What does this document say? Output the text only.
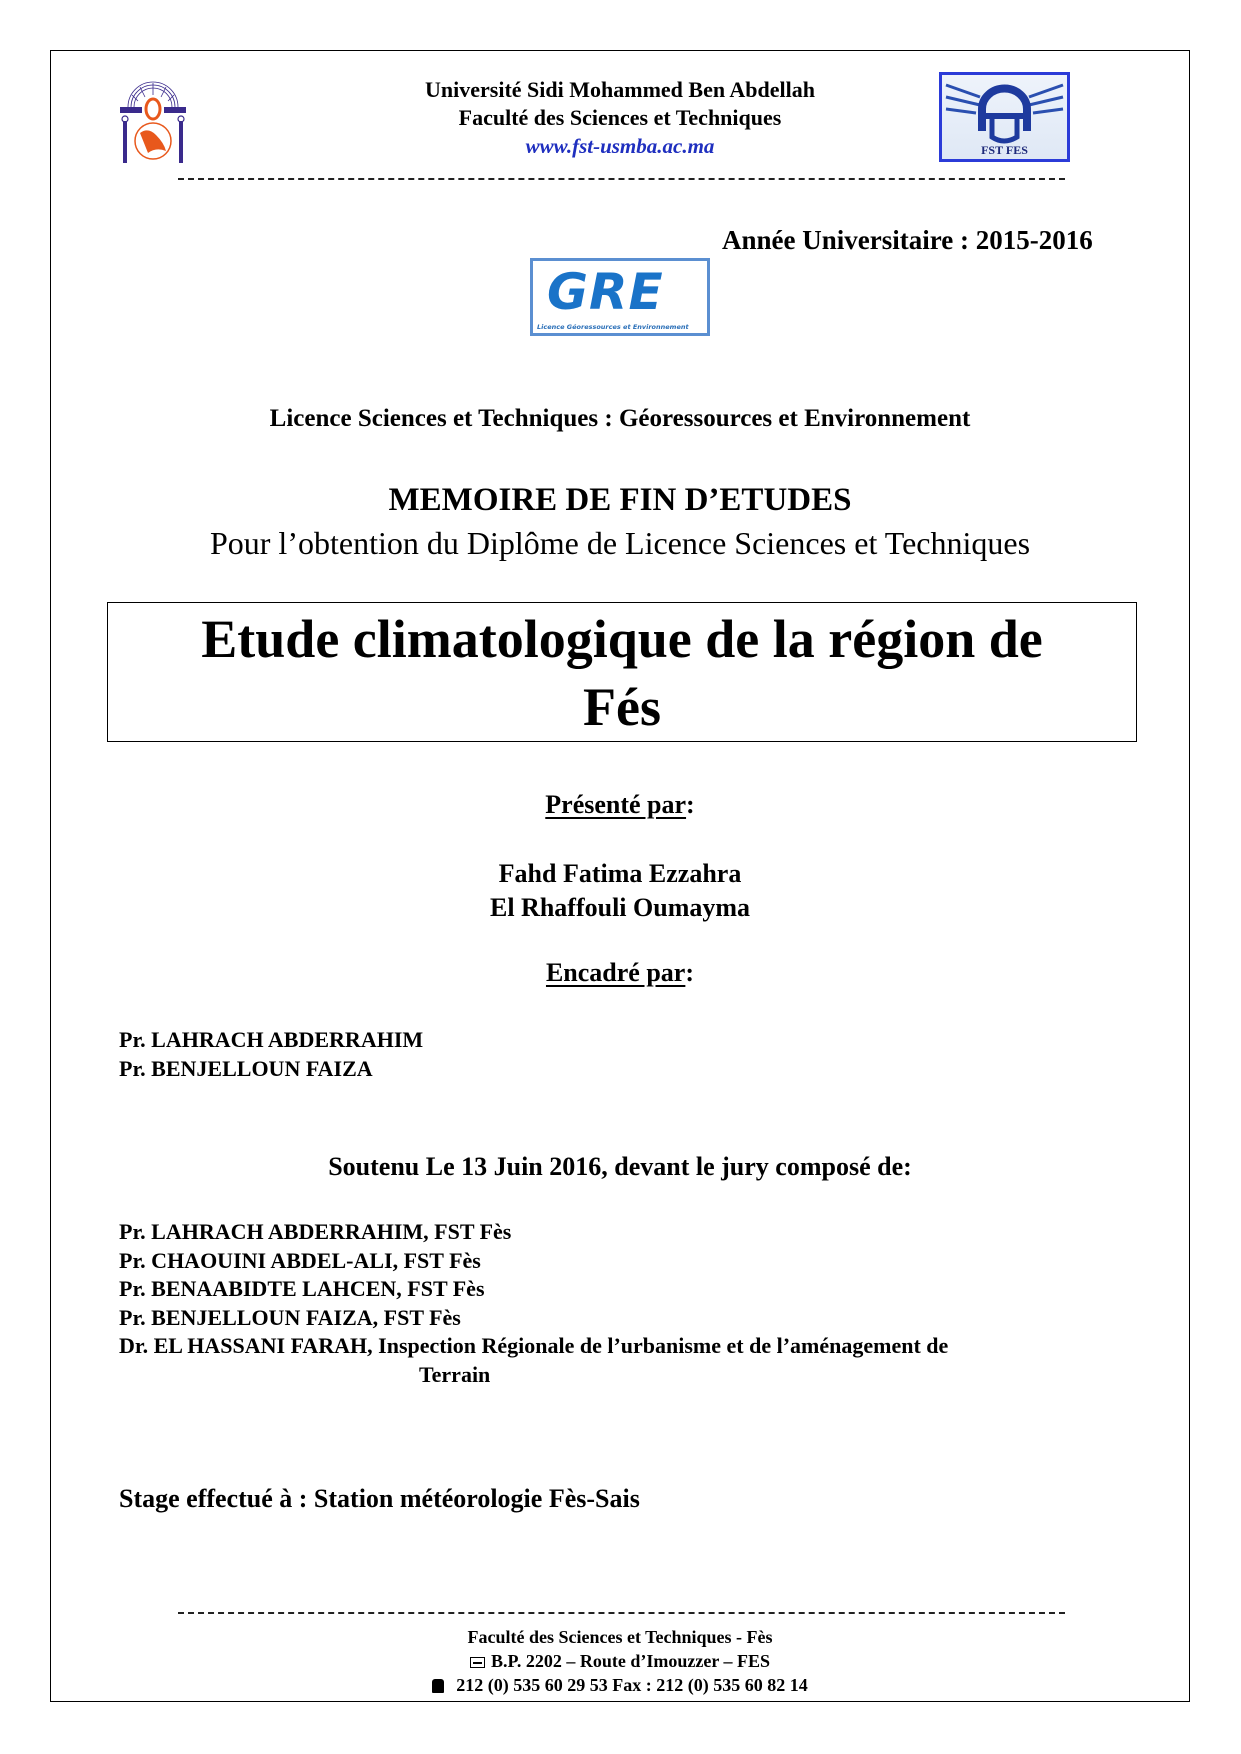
Université Sidi Mohammed Ben Abdellah
Faculté des Sciences et Techniques
www.fst-usmba.ac.ma	FST FES
Année Universitaire : 2015-2016
GRE
Licence Géoressources et Environnement
Licence Sciences et Techniques : Géoressources et Environnement
MEMOIRE DE FIN D’ETUDES
Pour l’obtention du Diplôme de Licence Sciences et Techniques
Etude climatologique de la région de
Fés
Présenté par:
Fahd Fatima Ezzahra
El Rhaffouli Oumayma
Encadré par:
Pr. LAHRACH ABDERRAHIM
Pr. BENJELLOUN FAIZA
Soutenu Le 13 Juin 2016, devant le jury composé de:
Pr. LAHRACH ABDERRAHIM, FST Fès
Pr. CHAOUINI ABDEL-ALI, FST Fès
Pr. BENAABIDTE LAHCEN, FST Fès
Pr. BENJELLOUN FAIZA, FST Fès
Dr. EL HASSANI FARAH, Inspection Régionale de l’urbanisme et de l’aménagement de
Terrain
Stage effectué à : Station météorologie Fès-Sais
Faculté des Sciences et Techniques - Fès
B.P. 2202 – Route d’Imouzzer – FES
212 (0) 535 60 29 53 Fax : 212 (0) 535 60 82 14
